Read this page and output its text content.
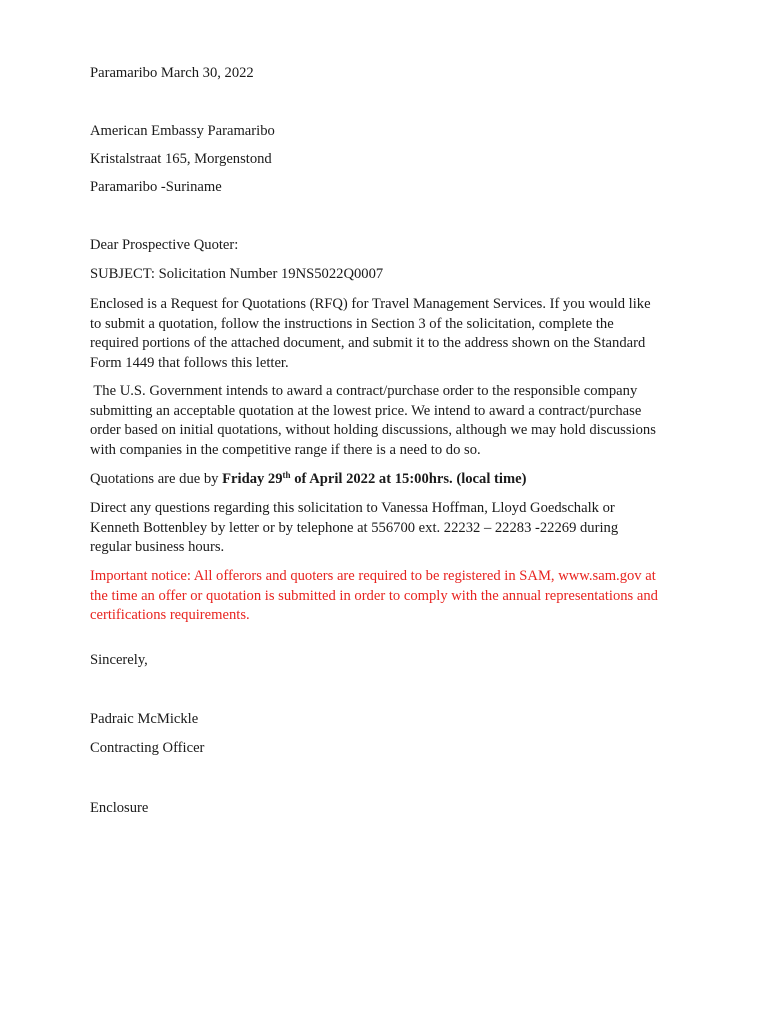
Paramaribo March 30, 2022
American Embassy Paramaribo
Kristalstraat 165, Morgenstond
Paramaribo -Suriname
Dear Prospective Quoter:
SUBJECT: Solicitation Number 19NS5022Q0007
Enclosed is a Request for Quotations (RFQ) for Travel Management Services. If you would like
to submit a quotation, follow the instructions in Section 3 of the solicitation, complete the
required portions of the attached document, and submit it to the address shown on the Standard
Form 1449 that follows this letter.
The U.S. Government intends to award a contract/purchase order to the responsible company
submitting an acceptable quotation at the lowest price. We intend to award a contract/purchase
order based on initial quotations, without holding discussions, although we may hold discussions
with companies in the competitive range if there is a need to do so.
Quotations are due by Friday 29th of April 2022 at 15:00hrs. (local time)
Direct any questions regarding this solicitation to Vanessa Hoffman, Lloyd Goedschalk or
Kenneth Bottenbley by letter or by telephone at 556700 ext. 22232 – 22283 -22269 during
regular business hours.
Important notice: All offerors and quoters are required to be registered in SAM, www.sam.gov at
the time an offer or quotation is submitted in order to comply with the annual representations and
certifications requirements.
Sincerely,
Padraic McMickle
Contracting Officer
Enclosure
